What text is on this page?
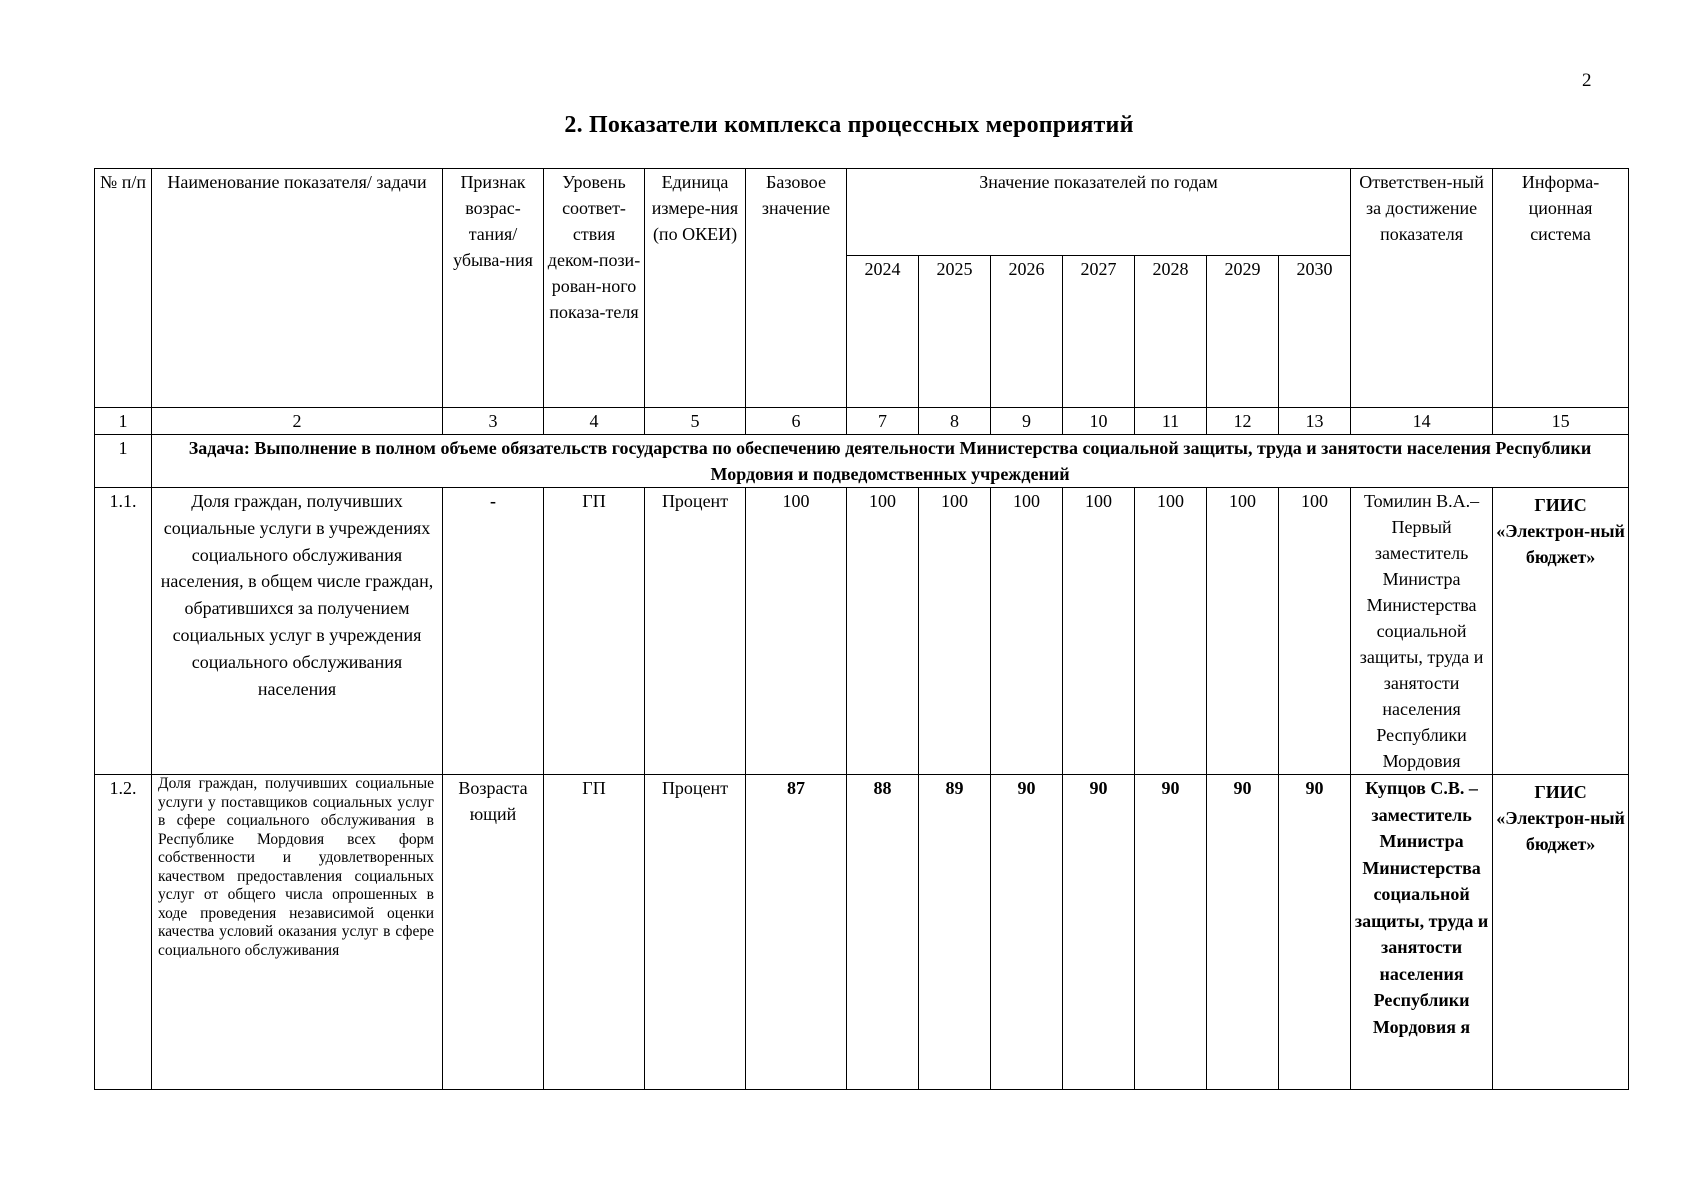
2
2. Показатели комплекса процессных мероприятий
№ п/п	Наименование показателя/ задачи	Признак возрас-тания/ убыва-ния	Уровень соответ-ствия деком-пози-рован-ного показа-теля	Единица измере-ния (по ОКЕИ)	Базовое значение	Значение показателей по годам							Ответствен-ный за достижение показателя	Информа-ционная система
						2024	2025	2026	2027	2028	2029	2030		
1	2	3	4	5	6	7	8	9	10	11	12	13	14	15
1	Задача: Выполнение в полном объеме обязательств государства по обеспечению деятельности Министерства социальной защиты, труда и занятости населения Республики Мордовия и подведомственных учреждений													
1.1.	Доля граждан, получивших социальные услуги в учреждениях социального обслуживания населения, в общем числе граждан, обратившихся за получением социальных услуг в учреждения социального обслуживания населения	-	ГП	Процент	100	100	100	100	100	100	100	100	Томилин В.А.– Первый заместитель Министра Министерства социальной защиты, труда и занятости населения Республики Мордовия	ГИИС «Электрон-ный бюджет»
1.2.	Доля граждан, получивших социальные услуги у поставщиков социальных услуг в сфере социального обслуживания в Республике Мордовия всех форм собственности и удовлетворенных качеством предоставления социальных услуг от общего числа опрошенных в ходе проведения независимой оценки качества условий оказания услуг в сфере социального обслуживания	Возраста ющий	ГП	Процент	87	88	89	90	90	90	90	90	Купцов С.В. – заместитель Министра Министерства социальной защиты, труда и занятости населения Республики Мордовия я	ГИИС «Электрон-ный бюджет»
